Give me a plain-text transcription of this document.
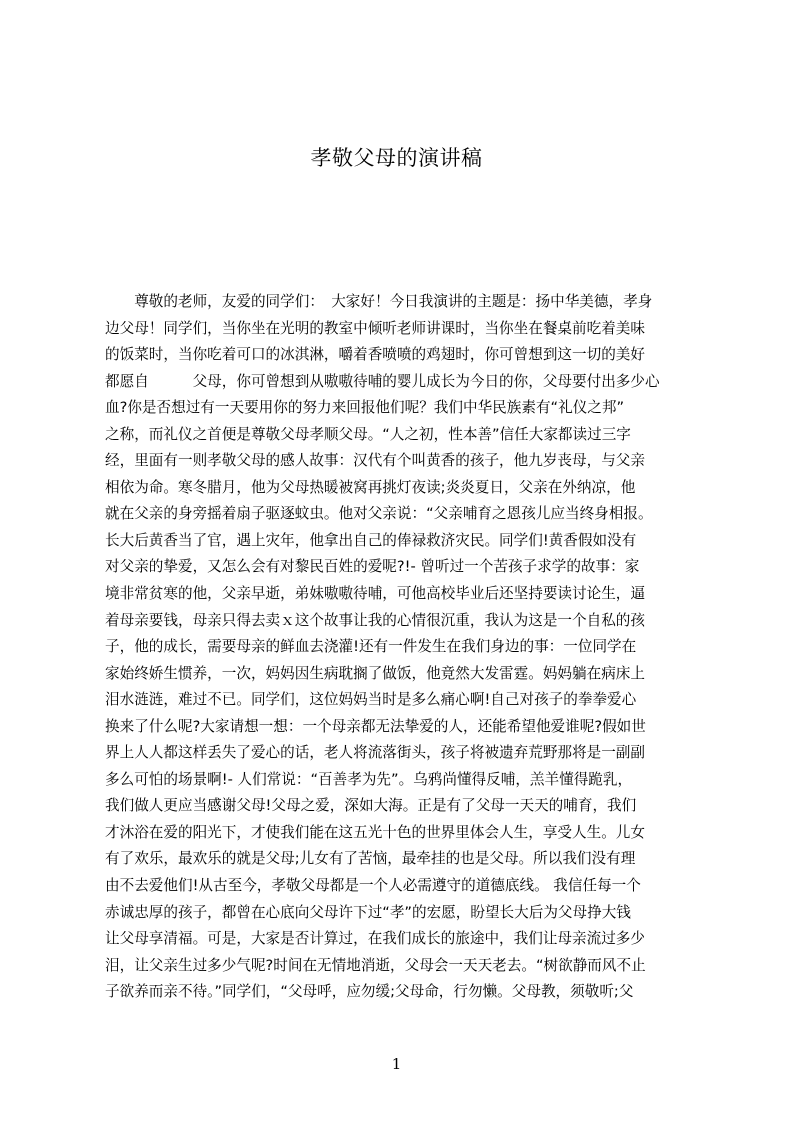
孝敬父母的演讲稿
　　尊敬的老师，友爱的同学们：　大家好！今日我演讲的主题是：扬中华美德，孝身
边父母！同学们，当你坐在光明的教室中倾听老师讲课时，当你坐在餐桌前吃着美味
的饭菜时，当你吃着可口的冰淇淋，嚼着香喷喷的鸡翅时，你可曾想到这一切的美好
都愿自　　　父母，你可曾想到从嗷嗷待哺的婴儿成长为今日的你，父母要付出多少心
血?你是否想过有一天要用你的努力来回报他们呢？我们中华民族素有“礼仪之邦”
之称，而礼仪之首便是尊敬父母孝顺父母。“人之初，性本善”信任大家都读过三字
经，里面有一则孝敬父母的感人故事：汉代有个叫黄香的孩子，他九岁丧母，与父亲
相依为命。寒冬腊月，他为父母热暖被窝再挑灯夜读;炎炎夏日，父亲在外纳凉，他
就在父亲的身旁摇着扇子驱逐蚊虫。他对父亲说：“父亲哺育之恩孩儿应当终身相报。
长大后黄香当了官，遇上灾年，他拿出自己的俸禄救济灾民。同学们!黄香假如没有
对父亲的挚爱，又怎么会有对黎民百姓的爱呢?!- 曾听过一个苦孩子求学的故事：家
境非常贫寒的他，父亲早逝，弟妹嗷嗷待哺，可他高校毕业后还坚持要读讨论生，逼
着母亲要钱，母亲只得去卖ｘ这个故事让我的心情很沉重，我认为这是一个自私的孩
子，他的成长，需要母亲的鲜血去浇灌!还有一件发生在我们身边的事：一位同学在
家始终娇生惯养，一次，妈妈因生病耽搁了做饭，他竟然大发雷霆。妈妈躺在病床上
泪水涟涟，难过不已。同学们，这位妈妈当时是多么痛心啊!自己对孩子的拳拳爱心
换来了什么呢?大家请想一想：一个母亲都无法挚爱的人，还能希望他爱谁呢?假如世
界上人人都这样丢失了爱心的话，老人将流落街头，孩子将被遗弃荒野那将是一副副
多么可怕的场景啊!- 人们常说：“百善孝为先”。乌鸦尚懂得反哺，羔羊懂得跪乳，
我们做人更应当感谢父母!父母之爱，深如大海。正是有了父母一天天的哺育，我们
才沐浴在爱的阳光下，才使我们能在这五光十色的世界里体会人生，享受人生。儿女
有了欢乐，最欢乐的就是父母;儿女有了苦恼，最牵挂的也是父母。所以我们没有理
由不去爱他们!从古至今，孝敬父母都是一个人必需遵守的道德底线。 我信任每一个
赤诚忠厚的孩子，都曾在心底向父母许下过“孝”的宏愿，盼望长大后为父母挣大钱
让父母享清福。可是，大家是否计算过，在我们成长的旅途中，我们让母亲流过多少
泪，让父亲生过多少气呢?时间在无情地消逝，父母会一天天老去。“树欲静而风不止
子欲养而亲不待。”同学们，“父母呼，应勿缓;父母命，行勿懒。父母教，须敬听;父
1
